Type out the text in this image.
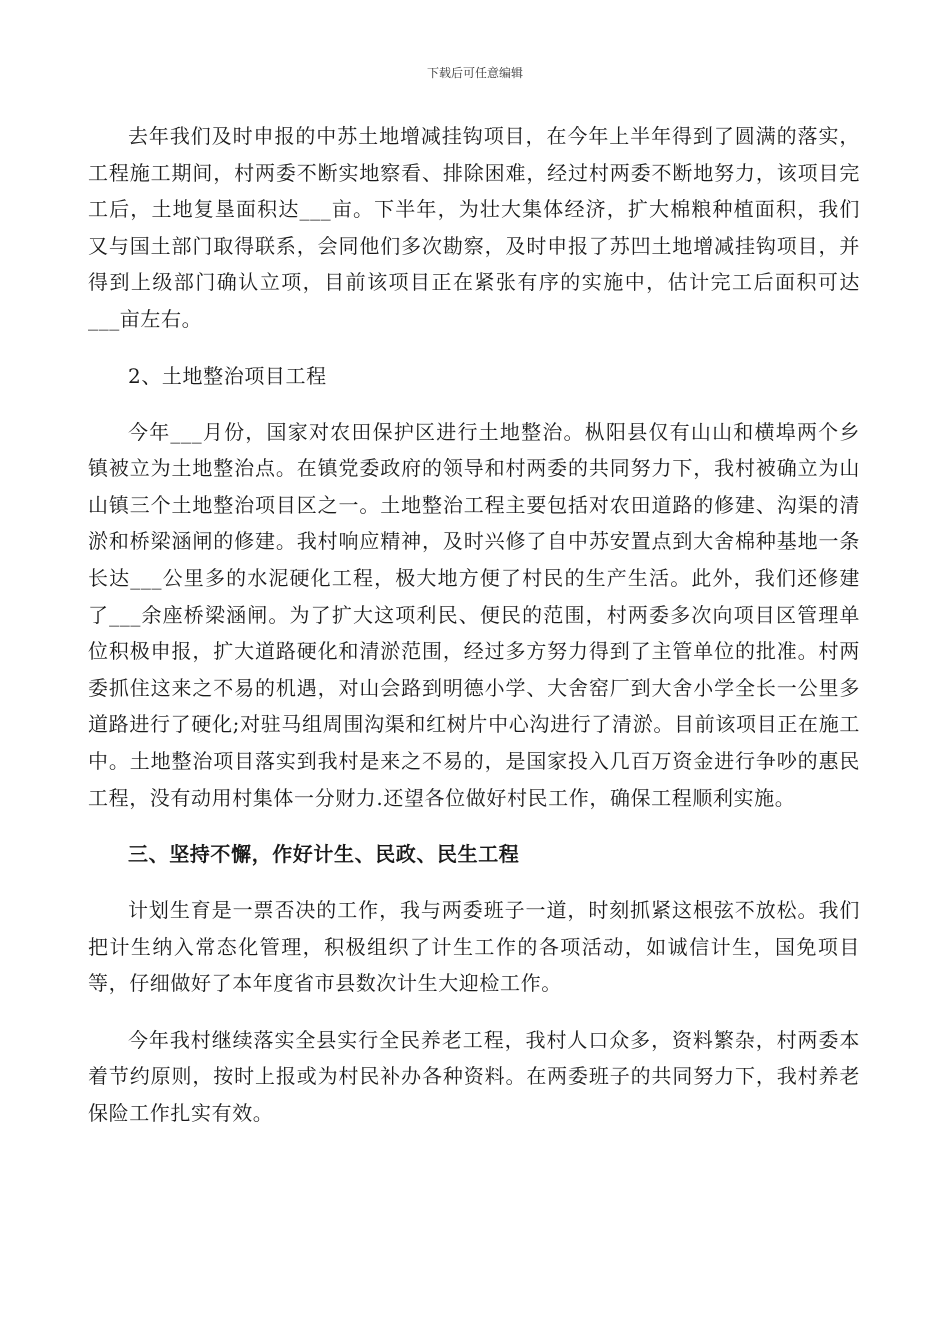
下载后可任意编辑

去年我们及时申报的中苏土地增减挂钩项目，在今年上半年得到了圆满的落实，工程施工期间，村两委不断实地察看、排除困难，经过村两委不断地努力，该项目完工后，土地复垦面积达___亩。下半年，为壮大集体经济，扩大棉粮种植面积，我们又与国土部门取得联系，会同他们多次勘察，及时申报了苏凹土地增减挂钩项目，并得到上级部门确认立项，目前该项目正在紧张有序的实施中，估计完工后面积可达___亩左右。

2、土地整治项目工程

今年___月份，国家对农田保护区进行土地整治。枞阳县仅有山山和横埠两个乡镇被立为土地整治点。在镇党委政府的领导和村两委的共同努力下，我村被确立为山山镇三个土地整治项目区之一。土地整治工程主要包括对农田道路的修建、沟渠的清淤和桥梁涵闸的修建。我村响应精神，及时兴修了自中苏安置点到大舍棉种基地一条长达___公里多的水泥硬化工程，极大地方便了村民的生产生活。此外，我们还修建了___余座桥梁涵闸。为了扩大这项利民、便民的范围，村两委多次向项目区管理单位积极申报，扩大道路硬化和清淤范围，经过多方努力得到了主管单位的批准。村两委抓住这来之不易的机遇，对山会路到明德小学、大舍窑厂到大舍小学全长一公里多道路进行了硬化;对驻马组周围沟渠和红树片中心沟进行了清淤。目前该项目正在施工中。土地整治项目落实到我村是来之不易的，是国家投入几百万资金进行争吵的惠民工程，没有动用村集体一分财力.还望各位做好村民工作，确保工程顺利实施。

三、坚持不懈，作好计生、民政、民生工程

计划生育是一票否决的工作，我与两委班子一道，时刻抓紧这根弦不放松。我们把计生纳入常态化管理，积极组织了计生工作的各项活动，如诚信计生，国免项目等，仔细做好了本年度省市县数次计生大迎检工作。

今年我村继续落实全县实行全民养老工程，我村人口众多，资料繁杂，村两委本着节约原则，按时上报或为村民补办各种资料。在两委班子的共同努力下，我村养老保险工作扎实有效。
